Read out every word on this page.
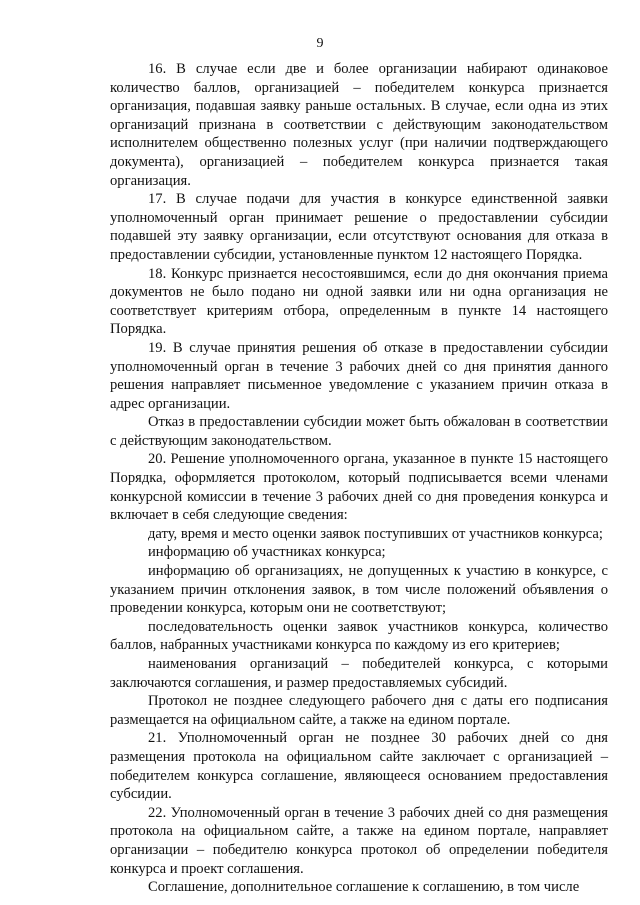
9

16. В случае если две и более организации набирают одинаковое количество баллов, организацией – победителем конкурса признается организация, подавшая заявку раньше остальных. В случае, если одна из этих организаций признана в соответствии с действующим законодательством исполнителем общественно полезных услуг (при наличии подтверждающего документа), организацией – победителем конкурса признается такая организация.

17. В случае подачи для участия в конкурсе единственной заявки уполномоченный орган принимает решение о предоставлении субсидии подавшей эту заявку организации, если отсутствуют основания для отказа в предоставлении субсидии, установленные пунктом 12 настоящего Порядка.

18. Конкурс признается несостоявшимся, если до дня окончания приема документов не было подано ни одной заявки или ни одна организация не соответствует критериям отбора, определенным в пункте 14 настоящего Порядка.

19. В случае принятия решения об отказе в предоставлении субсидии уполномоченный орган в течение 3 рабочих дней со дня принятия данного решения направляет письменное уведомление с указанием причин отказа в адрес организации.

Отказ в предоставлении субсидии может быть обжалован в соответствии с действующим законодательством.

20. Решение уполномоченного органа, указанное в пункте 15 настоящего Порядка, оформляется протоколом, который подписывается всеми членами конкурсной комиссии в течение 3 рабочих дней со дня проведения конкурса и включает в себя следующие сведения:

дату, время и место оценки заявок поступивших от участников конкурса;

информацию об участниках конкурса;

информацию об организациях, не допущенных к участию в конкурсе, с указанием причин отклонения заявок, в том числе положений объявления о проведении конкурса, которым они не соответствуют;

последовательность оценки заявок участников конкурса, количество баллов, набранных участниками конкурса по каждому из его критериев;

наименования организаций – победителей конкурса, с которыми заключаются соглашения, и размер предоставляемых субсидий.

Протокол не позднее следующего рабочего дня с даты его подписания размещается на официальном сайте, а также на едином портале.

21. Уполномоченный орган не позднее 30 рабочих дней со дня размещения протокола на официальном сайте заключает с организацией – победителем конкурса соглашение, являющееся основанием предоставления субсидии.

22. Уполномоченный орган в течение 3 рабочих дней со дня размещения протокола на официальном сайте, а также на едином портале, направляет организации – победителю конкурса протокол об определении победителя конкурса и проект соглашения.

Соглашение, дополнительное соглашение к соглашению, в том числе
